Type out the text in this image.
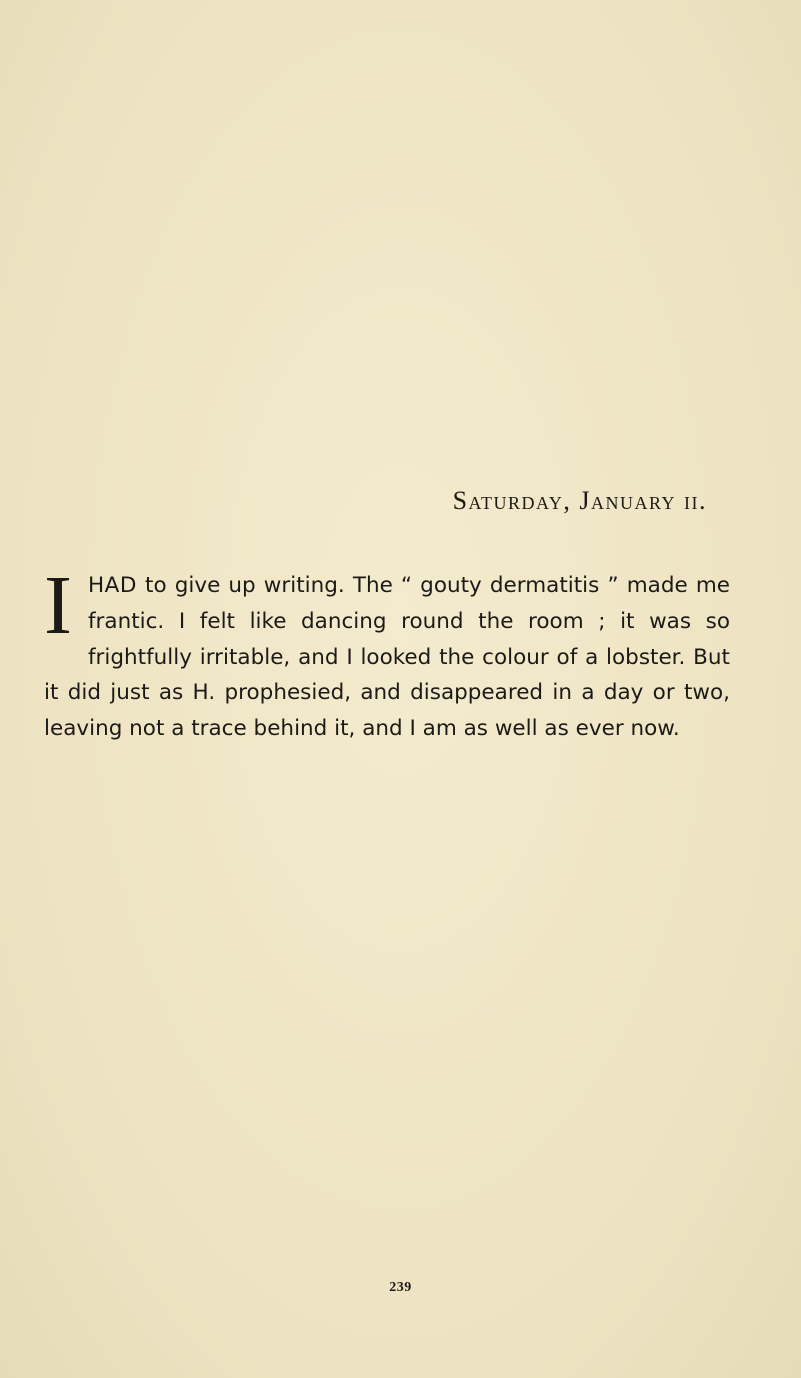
Saturday, January ii.
IHAD to give up writing. The “ gouty dermatitis ” made me frantic. I felt like dancing round the room ; it was so frightfully irritable, and I looked the colour of a lobster. But it did just as H. prophesied, and disappeared in a day or two, leaving not a trace behind it, and I am as well as ever now.
239
